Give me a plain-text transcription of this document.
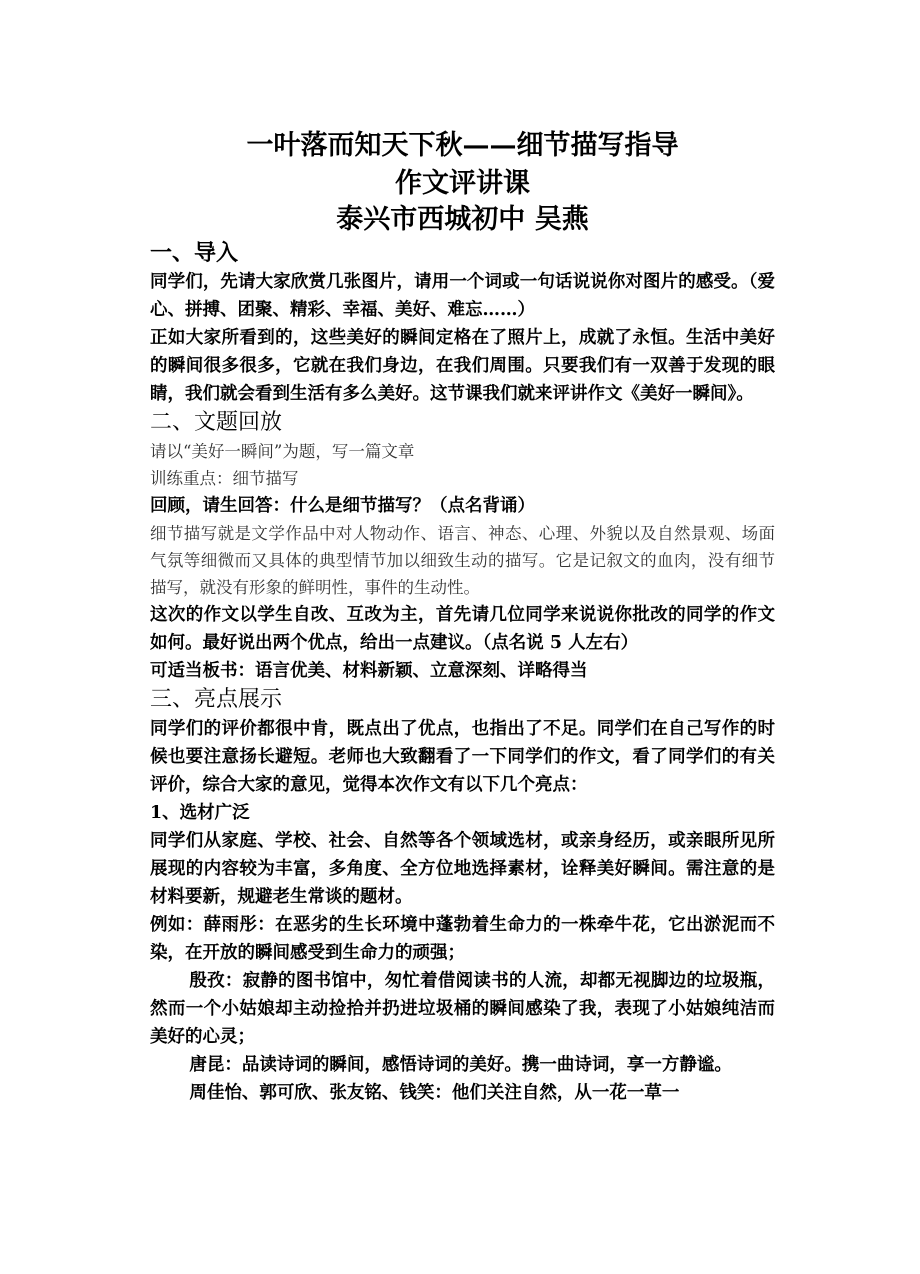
一叶落而知天下秋——细节描写指导

作文评讲课

泰兴市西城初中 吴燕

一、导入

同学们，先请大家欣赏几张图片，请用一个词或一句话说说你对图片的感受。（爱心、拼搏、团聚、精彩、幸福、美好、难忘……）

正如大家所看到的，这些美好的瞬间定格在了照片上，成就了永恒。生活中美好的瞬间很多很多，它就在我们身边，在我们周围。只要我们有一双善于发现的眼睛，我们就会看到生活有多么美好。这节课我们就来评讲作文《美好一瞬间》。

二、文题回放

请以“美好一瞬间”为题，写一篇文章

训练重点：细节描写

回顾，请生回答：什么是细节描写？（点名背诵）

细节描写就是文学作品中对人物动作、语言、神态、心理、外貌以及自然景观、场面气氛等细微而又具体的典型情节加以细致生动的描写。它是记叙文的血肉，没有细节描写，就没有形象的鲜明性，事件的生动性。

这次的作文以学生自改、互改为主，首先请几位同学来说说你批改的同学的作文如何。最好说出两个优点，给出一点建议。（点名说 5 人左右）

可适当板书：语言优美、材料新颖、立意深刻、详略得当

三、亮点展示

同学们的评价都很中肯，既点出了优点，也指出了不足。同学们在自己写作的时候也要注意扬长避短。老师也大致翻看了一下同学们的作文，看了同学们的有关评价，综合大家的意见，觉得本次作文有以下几个亮点：

1、选材广泛

同学们从家庭、学校、社会、自然等各个领域选材，或亲身经历，或亲眼所见所展现的内容较为丰富，多角度、全方位地选择素材，诠释美好瞬间。需注意的是材料要新，规避老生常谈的题材。

例如：薛雨彤：在恶劣的生长环境中蓬勃着生命力的一株牵牛花，它出淤泥而不染，在开放的瞬间感受到生命力的顽强；

殷孜：寂静的图书馆中，匆忙着借阅读书的人流，却都无视脚边的垃圾瓶，然而一个小姑娘却主动捡拾并扔进垃圾桶的瞬间感染了我，表现了小姑娘纯洁而美好的心灵；

唐昆：品读诗词的瞬间，感悟诗词的美好。携一曲诗词，享一方静谧。

周佳怡、郭可欣、张友铭、钱笑：他们关注自然，从一花一草一
